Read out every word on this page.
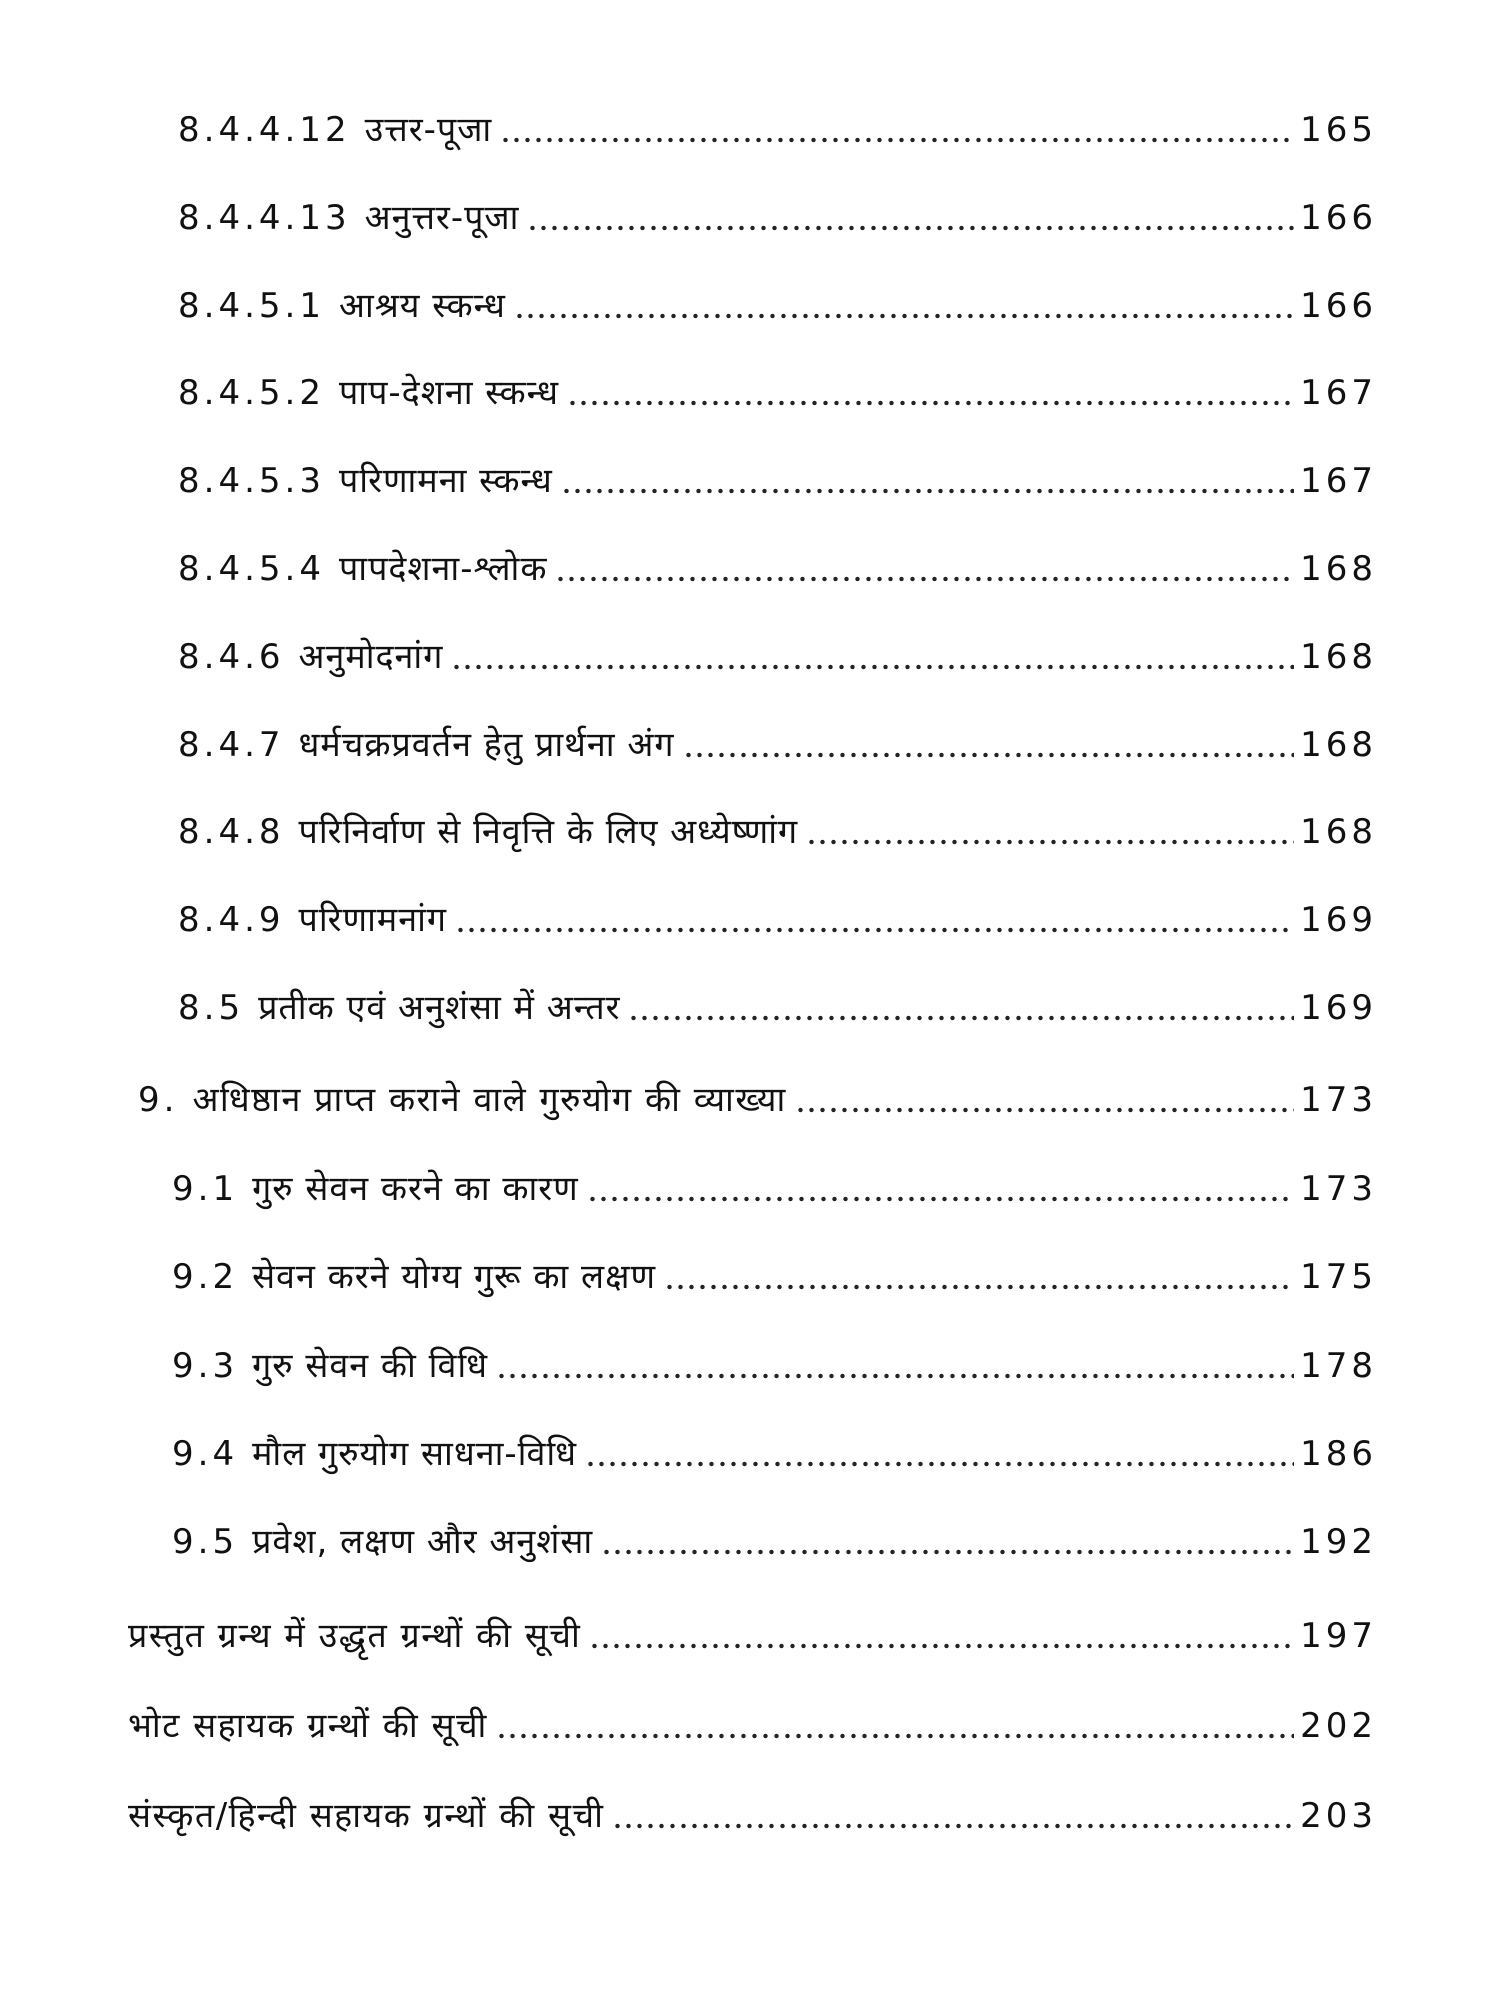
8.4.4.12 उत्तर-पूजा	165
8.4.4.13 अनुत्तर-पूजा	166
8.4.5.1 आश्रय स्कन्ध	166
8.4.5.2 पाप-देशना स्कन्ध	167
8.4.5.3 परिणामना स्कन्ध	167
8.4.5.4 पापदेशना-श्लोक	168
8.4.6 अनुमोदनांग	168
8.4.7 धर्मचक्रप्रवर्तन हेतु प्रार्थना अंग	168
8.4.8 परिनिर्वाण से निवृत्ति के लिए अध्येष्णांग	168
8.4.9 परिणामनांग	169
8.5 प्रतीक एवं अनुशंसा में अन्तर	169
9. अधिष्ठान प्राप्त कराने वाले गुरुयोग की व्याख्या	173
9.1 गुरु सेवन करने का कारण	173
9.2 सेवन करने योग्य गुरू का लक्षण	175
9.3 गुरु सेवन की विधि	178
9.4 मौल गुरुयोग साधना-विधि	186
9.5 प्रवेश, लक्षण और अनुशंसा	192
प्रस्तुत ग्रन्थ में उद्धृत ग्रन्थों की सूची	197
भोट सहायक ग्रन्थों की सूची	202
संस्कृत/हिन्दी सहायक ग्रन्थों की सूची	203
